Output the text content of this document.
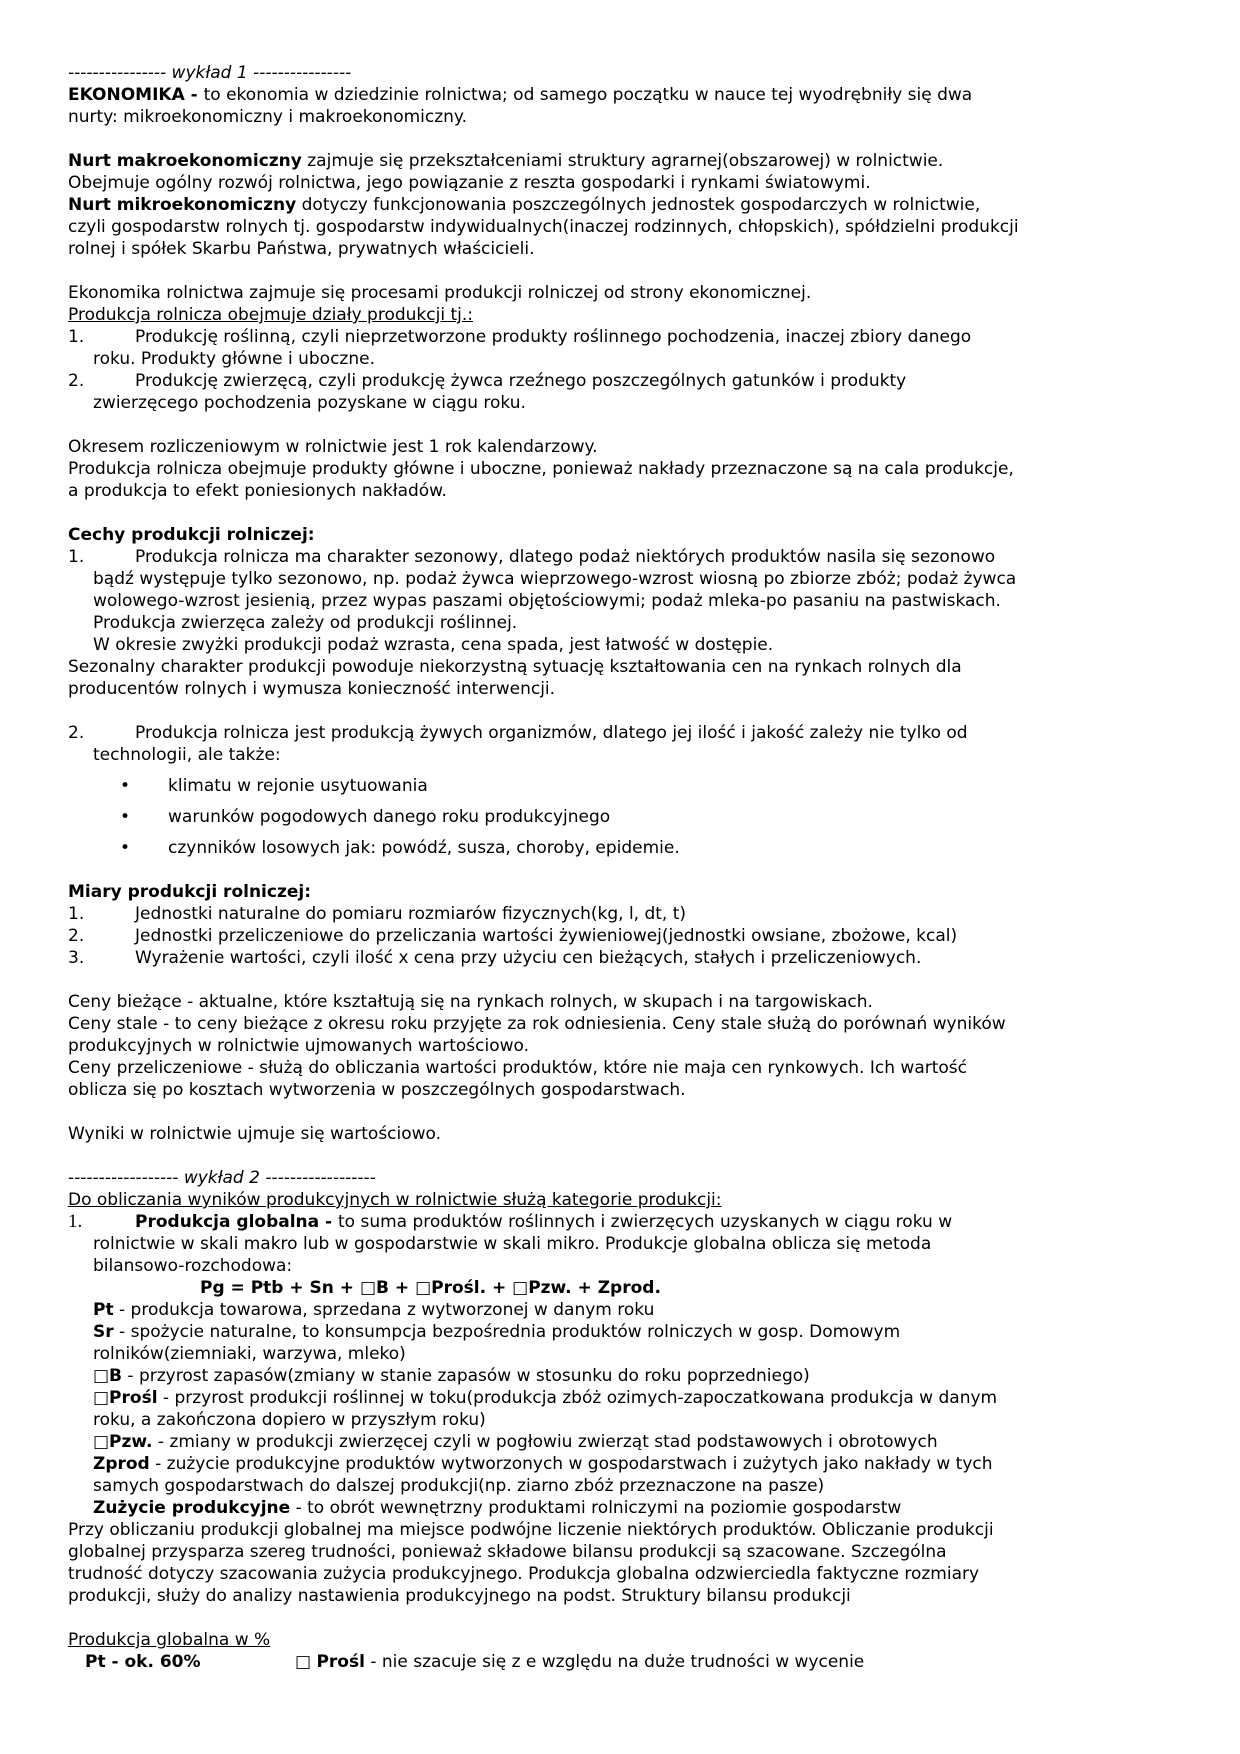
---------------- wykład 1 ----------------
EKONOMIKA - to ekonomia w dziedzinie rolnictwa; od samego początku w nauce tej wyodrębniły się dwa
nurty: mikroekonomiczny i makroekonomiczny.
Nurt makroekonomiczny zajmuje się przekształceniami struktury agrarnej(obszarowej) w rolnictwie.
Obejmuje ogólny rozwój rolnictwa, jego powiązanie z reszta gospodarki i rynkami światowymi.
Nurt mikroekonomiczny dotyczy funkcjonowania poszczególnych jednostek gospodarczych w rolnictwie,
czyli gospodarstw rolnych tj. gospodarstw indywidualnych(inaczej rodzinnych, chłopskich), spółdzielni produkcji
rolnej i spółek Skarbu Państwa, prywatnych właścicieli.
Ekonomika rolnictwa zajmuje się procesami produkcji rolniczej od strony ekonomicznej.
Produkcja rolnicza obejmuje działy produkcji tj.:
1.	Produkcję roślinną, czyli nieprzetworzone produkty roślinnego pochodzenia, inaczej zbiory danego
roku. Produkty główne i uboczne.
2.	Produkcję zwierzęcą, czyli produkcję żywca rzeźnego poszczególnych gatunków i produkty
zwierzęcego pochodzenia pozyskane w ciągu roku.
Okresem rozliczeniowym w rolnictwie jest 1 rok kalendarzowy.
Produkcja rolnicza obejmuje produkty główne i uboczne, ponieważ nakłady przeznaczone są na cala produkcje,
a produkcja to efekt poniesionych nakładów.
Cechy produkcji rolniczej:
1.	Produkcja rolnicza ma charakter sezonowy, dlatego podaż niektórych produktów nasila się sezonowo
bądź występuje tylko sezonowo, np. podaż żywca wieprzowego-wzrost wiosną po zbiorze zbóż; podaż żywca
wolowego-wzrost jesienią, przez wypas paszami objętościowymi; podaż mleka-po pasaniu na pastwiskach.
Produkcja zwierzęca zależy od produkcji roślinnej.
W okresie zwyżki produkcji podaż wzrasta, cena spada, jest łatwość w dostępie.
Sezonalny charakter produkcji powoduje niekorzystną sytuację kształtowania cen na rynkach rolnych dla
producentów rolnych i wymusza konieczność interwencji.
2.	Produkcja rolnicza jest produkcją żywych organizmów, dlatego jej ilość i jakość zależy nie tylko od
technologii, ale także:
• klimatu w rejonie usytuowania
• warunków pogodowych danego roku produkcyjnego
• czynników losowych jak: powódź, susza, choroby, epidemie.
Miary produkcji rolniczej:
1.	Jednostki naturalne do pomiaru rozmiarów fizycznych(kg, l, dt, t)
2.	Jednostki przeliczeniowe do przeliczania wartości żywieniowej(jednostki owsiane, zbożowe, kcal)
3.	Wyrażenie wartości, czyli ilość x cena przy użyciu cen bieżących, stałych i przeliczeniowych.
Ceny bieżące - aktualne, które kształtują się na rynkach rolnych, w skupach i na targowiskach.
Ceny stale - to ceny bieżące z okresu roku przyjęte za rok odniesienia. Ceny stale służą do porównań wyników
produkcyjnych w rolnictwie ujmowanych wartościowo.
Ceny przeliczeniowe - służą do obliczania wartości produktów, które nie maja cen rynkowych. Ich wartość
oblicza się po kosztach wytworzenia w poszczególnych gospodarstwach.
Wyniki w rolnictwie ujmuje się wartościowo.
------------------ wykład 2 ------------------
Do obliczania wyników produkcyjnych w rolnictwie służą kategorie produkcji:
1.	Produkcja globalna - to suma produktów roślinnych i zwierzęcych uzyskanych w ciągu roku w
rolnictwie w skali makro lub w gospodarstwie w skali mikro. Produkcje globalna oblicza się metoda
bilansowo-rozchodowa:
Pg = Ptb + Sn + □B + □Prośl. + □Pzw. + Zprod.
Pt - produkcja towarowa, sprzedana z wytworzonej w danym roku
Sr - spożycie naturalne, to konsumpcja bezpośrednia produktów rolniczych w gosp. Domowym
rolników(ziemniaki, warzywa, mleko)
□B - przyrost zapasów(zmiany w stanie zapasów w stosunku do roku poprzedniego)
□Prośl - przyrost produkcji roślinnej w toku(produkcja zbóż ozimych-zapoczatkowana produkcja w danym
roku, a zakończona dopiero w przyszłym roku)
□Pzw. - zmiany w produkcji zwierzęcej czyli w pogłowiu zwierząt stad podstawowych i obrotowych
Zprod - zużycie produkcyjne produktów wytworzonych w gospodarstwach i zużytych jako nakłady w tych
samych gospodarstwach do dalszej produkcji(np. ziarno zbóż przeznaczone na pasze)
Zużycie produkcyjne - to obrót wewnętrzny produktami rolniczymi na poziomie gospodarstw
Przy obliczaniu produkcji globalnej ma miejsce podwójne liczenie niektórych produktów. Obliczanie produkcji
globalnej przysparza szereg trudności, ponieważ składowe bilansu produkcji są szacowane. Szczególna
trudność dotyczy szacowania zużycia produkcyjnego. Produkcja globalna odzwierciedla faktyczne rozmiary
produkcji, służy do analizy nastawienia produkcyjnego na podst. Struktury bilansu produkcji
Produkcja globalna w %
Pt - ok. 60%	□ Prośl - nie szacuje się z e względu na duże trudności w wycenie
